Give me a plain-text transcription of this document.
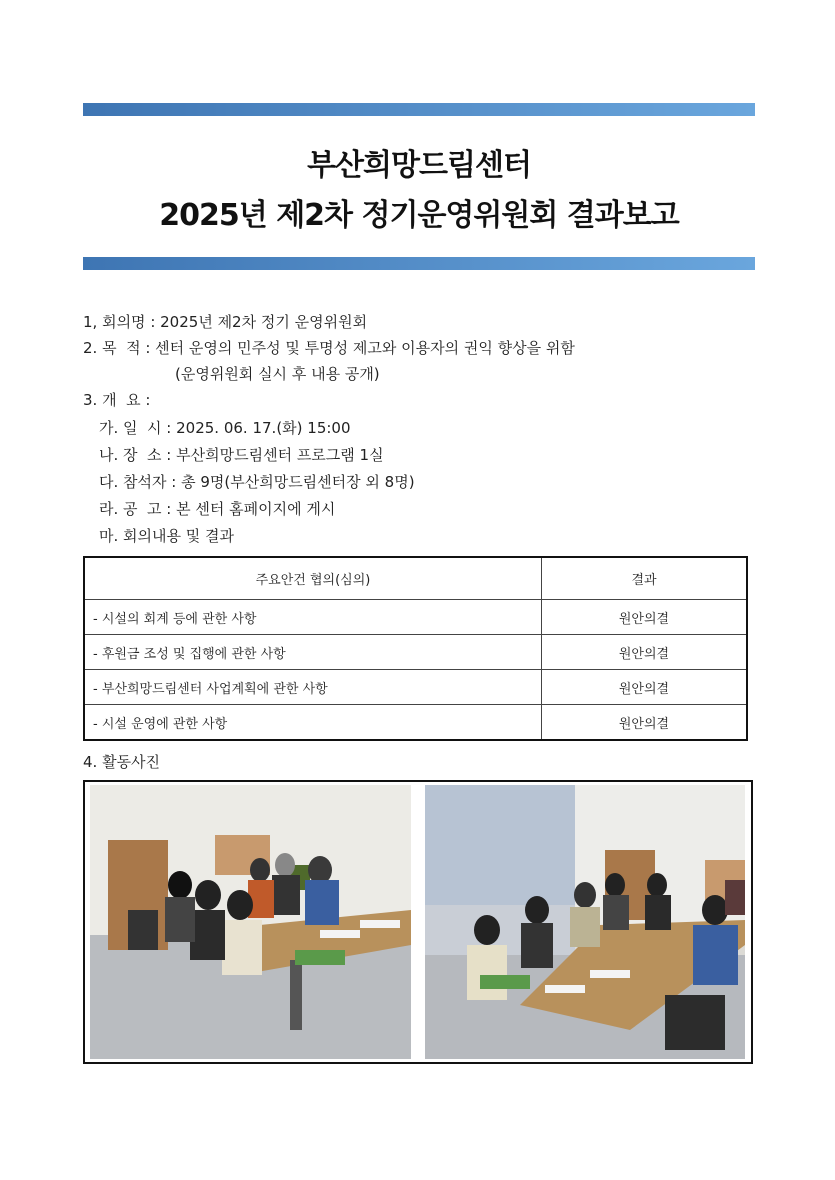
부산희망드림센터
2025년 제2차 정기운영위원회 결과보고
1, 회의명 : 2025년 제2차 정기 운영위원회
2. 목  적 : 센터 운영의 민주성 및 투명성 제고와 이용자의 권익 향상을 위함
(운영위원회 실시 후 내용 공개)
3. 개  요 :
가. 일  시 : 2025. 06. 17.(화) 15:00
나. 장  소 : 부산희망드림센터 프로그램 1실
다. 참석자 : 총 9명(부산희망드림센터장 외 8명)
라. 공  고 : 본 센터 홈페이지에 게시
마. 회의내용 및 결과
주요안건 협의(심의)	결과
- 시설의 회계 등에 관한 사항	원안의결
- 후원금 조성 및 집행에 관한 사항	원안의결
- 부산희망드림센터 사업계획에 관한 사항	원안의결
- 시설 운영에 관한 사항	원안의결
4. 활동사진
